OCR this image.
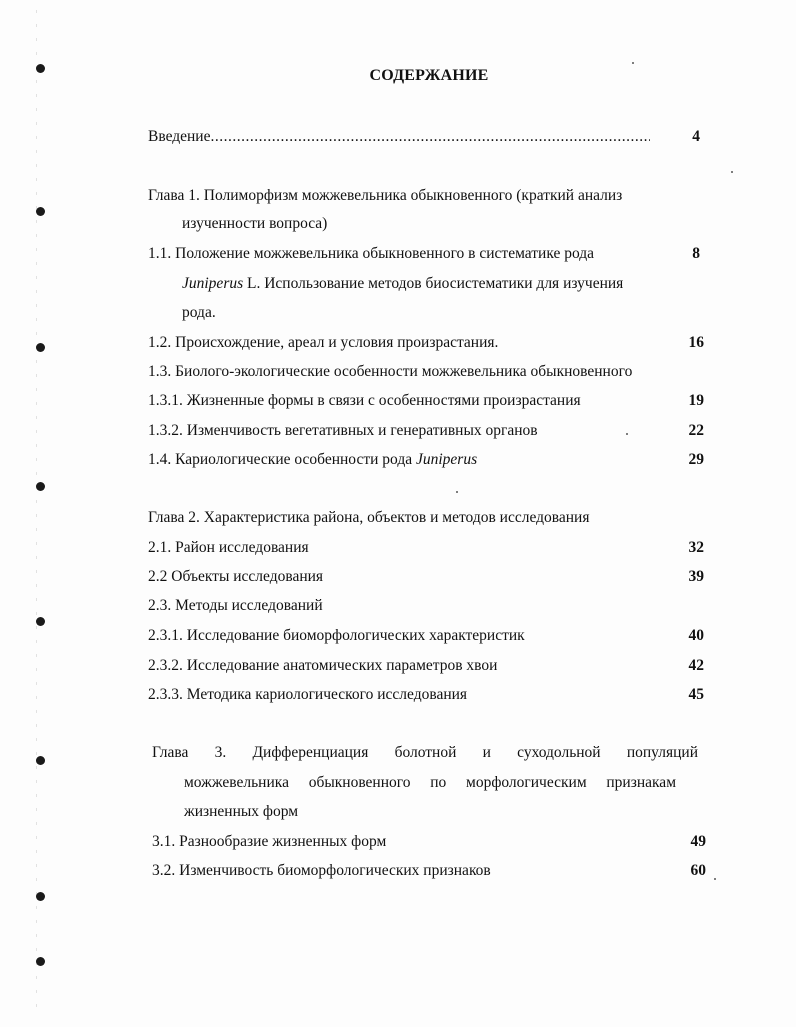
СОДЕРЖАНИЕ
Введение .....	4
Глава 1. Полиморфизм можжевельника обыкновенного (краткий анализ
изученности вопроса)
1.1. Положение можжевельника обыкновенного в систематике рода	8
Juniperus L. Использование методов биосистематики для изучения
рода.
1.2. Происхождение, ареал и условия произрастания.	16
1.3. Биолого-экологические особенности можжевельника обыкновенного
1.3.1. Жизненные формы в связи с особенностями произрастания	19
1.3.2. Изменчивость вегетативных и генеративных органов	22
1.4. Кариологические особенности рода Juniperus	29
Глава 2. Характеристика района, объектов и методов исследования
2.1. Район исследования	32
2.2 Объекты исследования	39
2.3. Методы исследований
2.3.1. Исследование биоморфологических характеристик	40
2.3.2. Исследование анатомических параметров хвои	42
2.3.3. Методика кариологического исследования	45
Глава 3. Дифференциация болотной и суходольной популяций
можжевельника обыкновенного по морфологическим признакам
жизненных форм
3.1. Разнообразие жизненных форм	49
3.2. Изменчивость биоморфологических признаков	60
